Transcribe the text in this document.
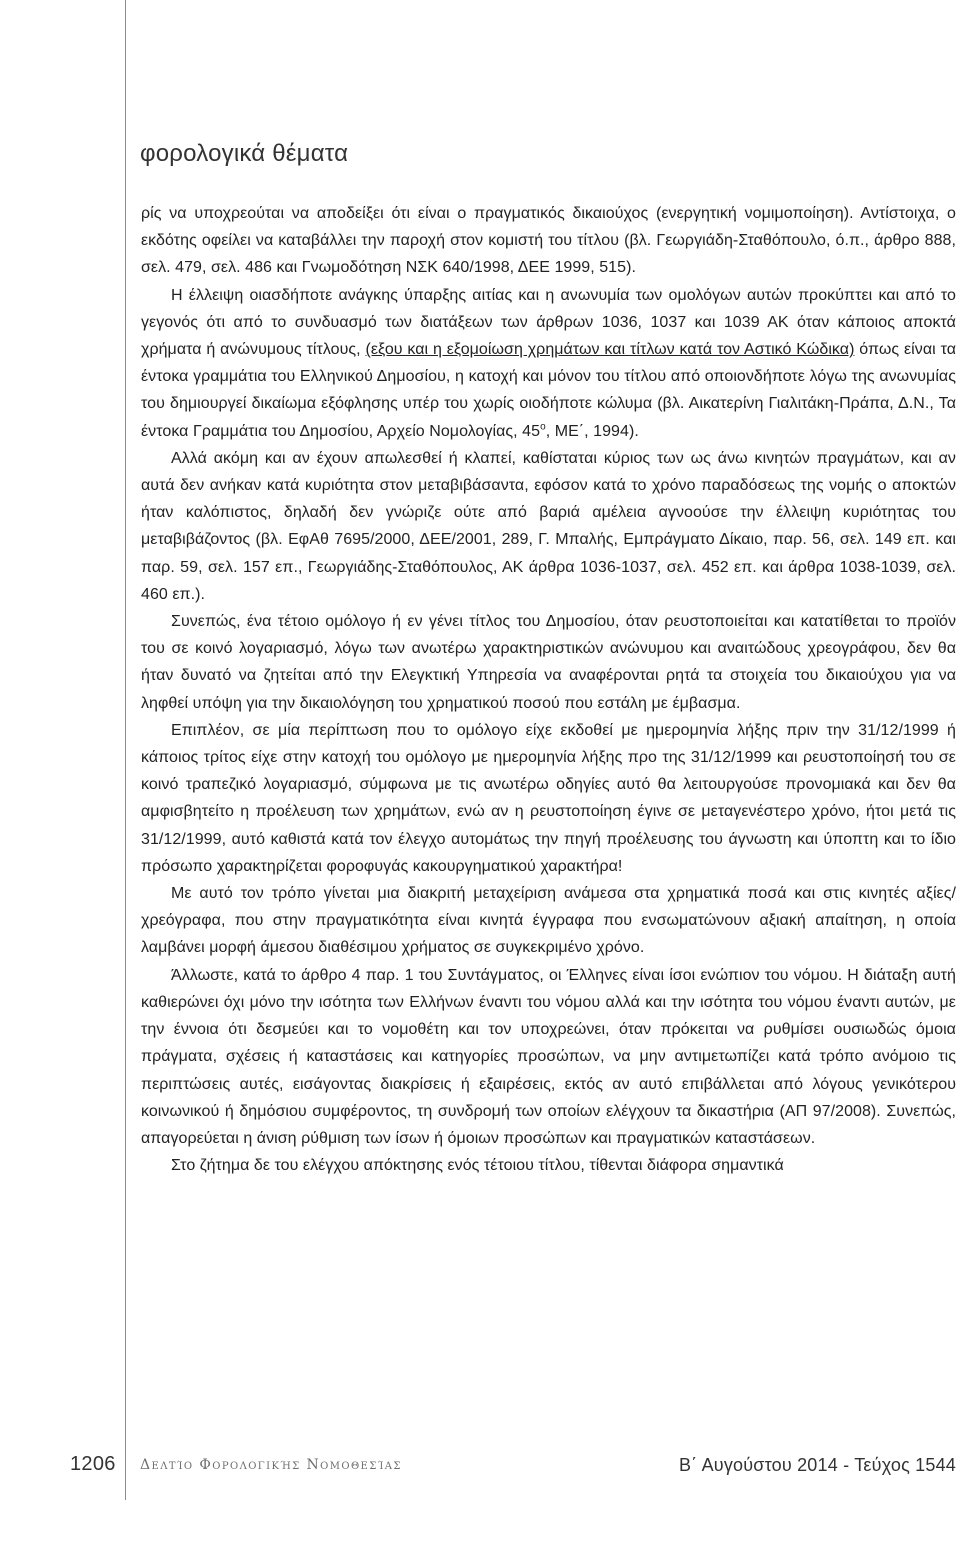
φορολογικά θέματα

ρίς να υποχρεούται να αποδείξει ότι είναι ο πραγματικός δικαιούχος (ενεργητική νομιμοποίηση). Αντίστοιχα, ο εκδότης οφείλει να καταβάλλει την παροχή στον κομιστή του τίτλου (βλ. Γεωργιάδη-Σταθόπουλο, ό.π., άρθρο 888, σελ. 479, σελ. 486 και Γνωμοδότηση ΝΣΚ 640/1998, ΔΕΕ 1999, 515).

Η έλλειψη οιασδήποτε ανάγκης ύπαρξης αιτίας και η ανωνυμία των ομολόγων αυτών προκύπτει και από το γεγονός ότι από το συνδυασμό των διατάξεων των άρθρων 1036, 1037 και 1039 ΑΚ όταν κάποιος αποκτά χρήματα ή ανώνυμους τίτλους, (εξου και η εξομοίωση χρημάτων και τίτλων κατά τον Αστικό Κώδικα) όπως είναι τα έντοκα γραμμάτια του Ελληνικού Δημοσίου, η κατοχή και μόνον του τίτλου από οποιονδήποτε λόγω της ανωνυμίας του δημιουργεί δικαίωμα εξόφλησης υπέρ του χωρίς οιοδήποτε κώλυμα (βλ. Αικατερίνη Γιαλιτάκη-Πράπα, Δ.Ν., Τα έντοκα Γραμμάτια του Δημοσίου, Αρχείο Νομολογίας, $45^o$, ΜΕ΄, 1994).

Αλλά ακόμη και αν έχουν απωλεσθεί ή κλαπεί, καθίσταται κύριος των ως άνω κινητών πραγμάτων, και αν αυτά δεν ανήκαν κατά κυριότητα στον μεταβιβάσαντα, εφόσον κατά το χρόνο παραδόσεως της νομής ο αποκτών ήταν καλόπιστος, δηλαδή δεν γνώριζε ούτε από βαριά αμέλεια αγνοούσε την έλλειψη κυριότητας του μεταβιβάζοντος (βλ. ΕφΑθ 7695/2000, ΔΕΕ/2001, 289, Γ. Μπαλής, Εμπράγματο Δίκαιο, παρ. 56, σελ. 149 επ. και παρ. 59, σελ. 157 επ., Γεωργιάδης-Σταθόπουλος, ΑΚ άρθρα 1036-1037, σελ. 452 επ. και άρθρα 1038-1039, σελ. 460 επ.).

Συνεπώς, ένα τέτοιο ομόλογο ή εν γένει τίτλος του Δημοσίου, όταν ρευστοποιείται και κατατίθεται το προϊόν του σε κοινό λογαριασμό, λόγω των ανωτέρω χαρακτηριστικών ανώνυμου και αναιτώδους χρεογράφου, δεν θα ήταν δυνατό να ζητείται από την Ελεγκτική Υπηρεσία να αναφέρονται ρητά τα στοιχεία του δικαιούχου για να ληφθεί υπόψη για την δικαιολόγηση του χρηματικού ποσού που εστάλη με έμβασμα.

Επιπλέον, σε μία περίπτωση που το ομόλογο είχε εκδοθεί με ημερομηνία λήξης πριν την 31/12/1999 ή κάποιος τρίτος είχε στην κατοχή του ομόλογο με ημερομηνία λήξης προ της 31/12/1999 και ρευστοποίησή του σε κοινό τραπεζικό λογαριασμό, σύμφωνα με τις ανωτέρω οδηγίες αυτό θα λειτουργούσε προνομιακά και δεν θα αμφισβητείτο η προέλευση των χρημάτων, ενώ αν η ρευστοποίηση έγινε σε μεταγενέστερο χρόνο, ήτοι μετά τις 31/12/1999, αυτό καθιστά κατά τον έλεγχο αυτομάτως την πηγή προέλευσης του άγνωστη και ύποπτη και το ίδιο πρόσωπο χαρακτηρίζεται φοροφυγάς κακουργηματικού χαρακτήρα!

Με αυτό τον τρόπο γίνεται μια διακριτή μεταχείριση ανάμεσα στα χρηματικά ποσά και στις κινητές αξίες/χρεόγραφα, που στην πραγματικότητα είναι κινητά έγγραφα που ενσωματώνουν αξιακή απαίτηση, η οποία λαμβάνει μορφή άμεσου διαθέσιμου χρήματος σε συγκεκριμένο χρόνο.

Άλλωστε, κατά το άρθρο 4 παρ. 1 του Συντάγματος, οι Έλληνες είναι ίσοι ενώπιον του νόμου. Η διάταξη αυτή καθιερώνει όχι μόνο την ισότητα των Ελλήνων έναντι του νόμου αλλά και την ισότητα του νόμου έναντι αυτών, με την έννοια ότι δεσμεύει και το νομοθέτη και τον υποχρεώνει, όταν πρόκειται να ρυθμίσει ουσιωδώς όμοια πράγματα, σχέσεις ή καταστάσεις και κατηγορίες προσώπων, να μην αντιμετωπίζει κατά τρόπο ανόμοιο τις περιπτώσεις αυτές, εισάγοντας διακρίσεις ή εξαιρέσεις, εκτός αν αυτό επιβάλλεται από λόγους γενικότερου κοινωνικού ή δημόσιου συμφέροντος, τη συνδρομή των οποίων ελέγχουν τα δικαστήρια (ΑΠ 97/2008). Συνεπώς, απαγορεύεται η άνιση ρύθμιση των ίσων ή όμοιων προσώπων και πραγματικών καταστάσεων.

Στο ζήτημα δε του ελέγχου απόκτησης ενός τέτοιου τίτλου, τίθενται διάφορα σημαντικά

1206 Δελτίο Φορολογικής Νομοθεσίας	Β΄ Αυγούστου 2014 - Τεύχος 1544
